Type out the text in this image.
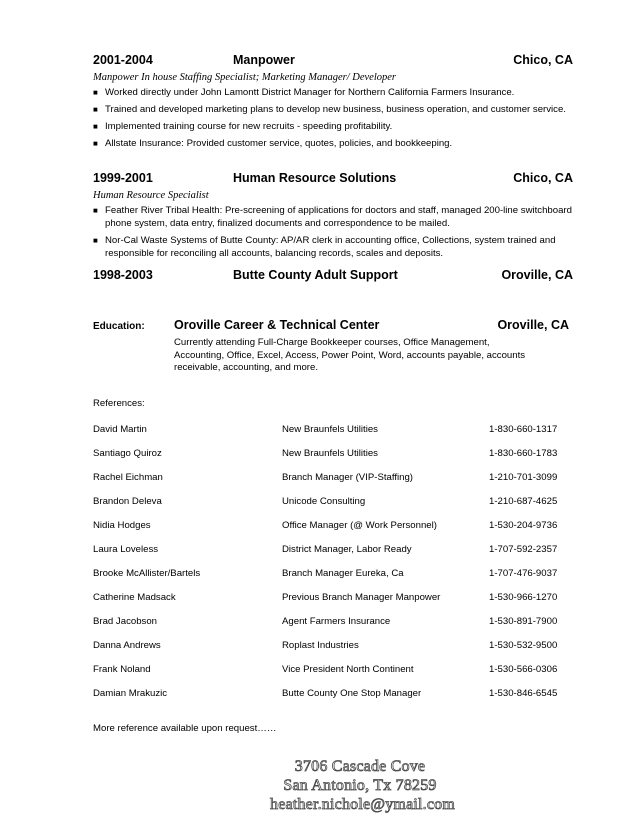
2001-2004	Manpower	Chico, CA
Manpower In house Staffing Specialist; Marketing Manager/ Developer
■ Worked directly under John Lamontt District Manager for Northern California Farmers Insurance.
■ Trained and developed marketing plans to develop new business, business operation, and customer service.
■ Implemented training course for new recruits - speeding profitability.
■ Allstate Insurance: Provided customer service, quotes, policies, and bookkeeping.
1999-2001	Human Resource Solutions	Chico, CA
Human Resource Specialist
■ Feather River Tribal Health: Pre-screening of applications for doctors and staff, managed 200-line switchboard phone system, data entry, finalized documents and correspondence to be mailed.
■ Nor-Cal Waste Systems of Butte County: AP/AR clerk in accounting office, Collections, system trained and responsible for reconciling all accounts, balancing records, scales and deposits.
1998-2003	Butte County Adult Support	Oroville, CA
Education: Oroville Career & Technical Center	Oroville, CA
Currently attending Full-Charge Bookkeeper courses, Office Management, Accounting, Office, Excel, Access, Power Point, Word, accounts payable, accounts receivable, accounting, and more.
References:
David Martin	New Braunfels Utilities	1-830-660-1317
Santiago Quiroz	New Braunfels Utilities	1-830-660-1783
Rachel Eichman	Branch Manager (VIP-Staffing)	1-210-701-3099
Brandon Deleva	Unicode Consulting	1-210-687-4625
Nidia Hodges	Office Manager (@ Work Personnel)	1-530-204-9736
Laura Loveless	District Manager, Labor Ready	1-707-592-2357
Brooke McAllister/Bartels	Branch Manager Eureka, Ca	1-707-476-9037
Catherine Madsack	Previous Branch Manager Manpower	1-530-966-1270
Brad Jacobson	Agent Farmers Insurance	1-530-891-7900
Danna Andrews	Roplast Industries	1-530-532-9500
Frank Noland	Vice President North Continent	1-530-566-0306
Damian Mrakuzic	Butte County One Stop Manager	1-530-846-6545
More reference available upon request……
3706 Cascade Cove
San Antonio, Tx 78259
heather.nichole@ymail.com
